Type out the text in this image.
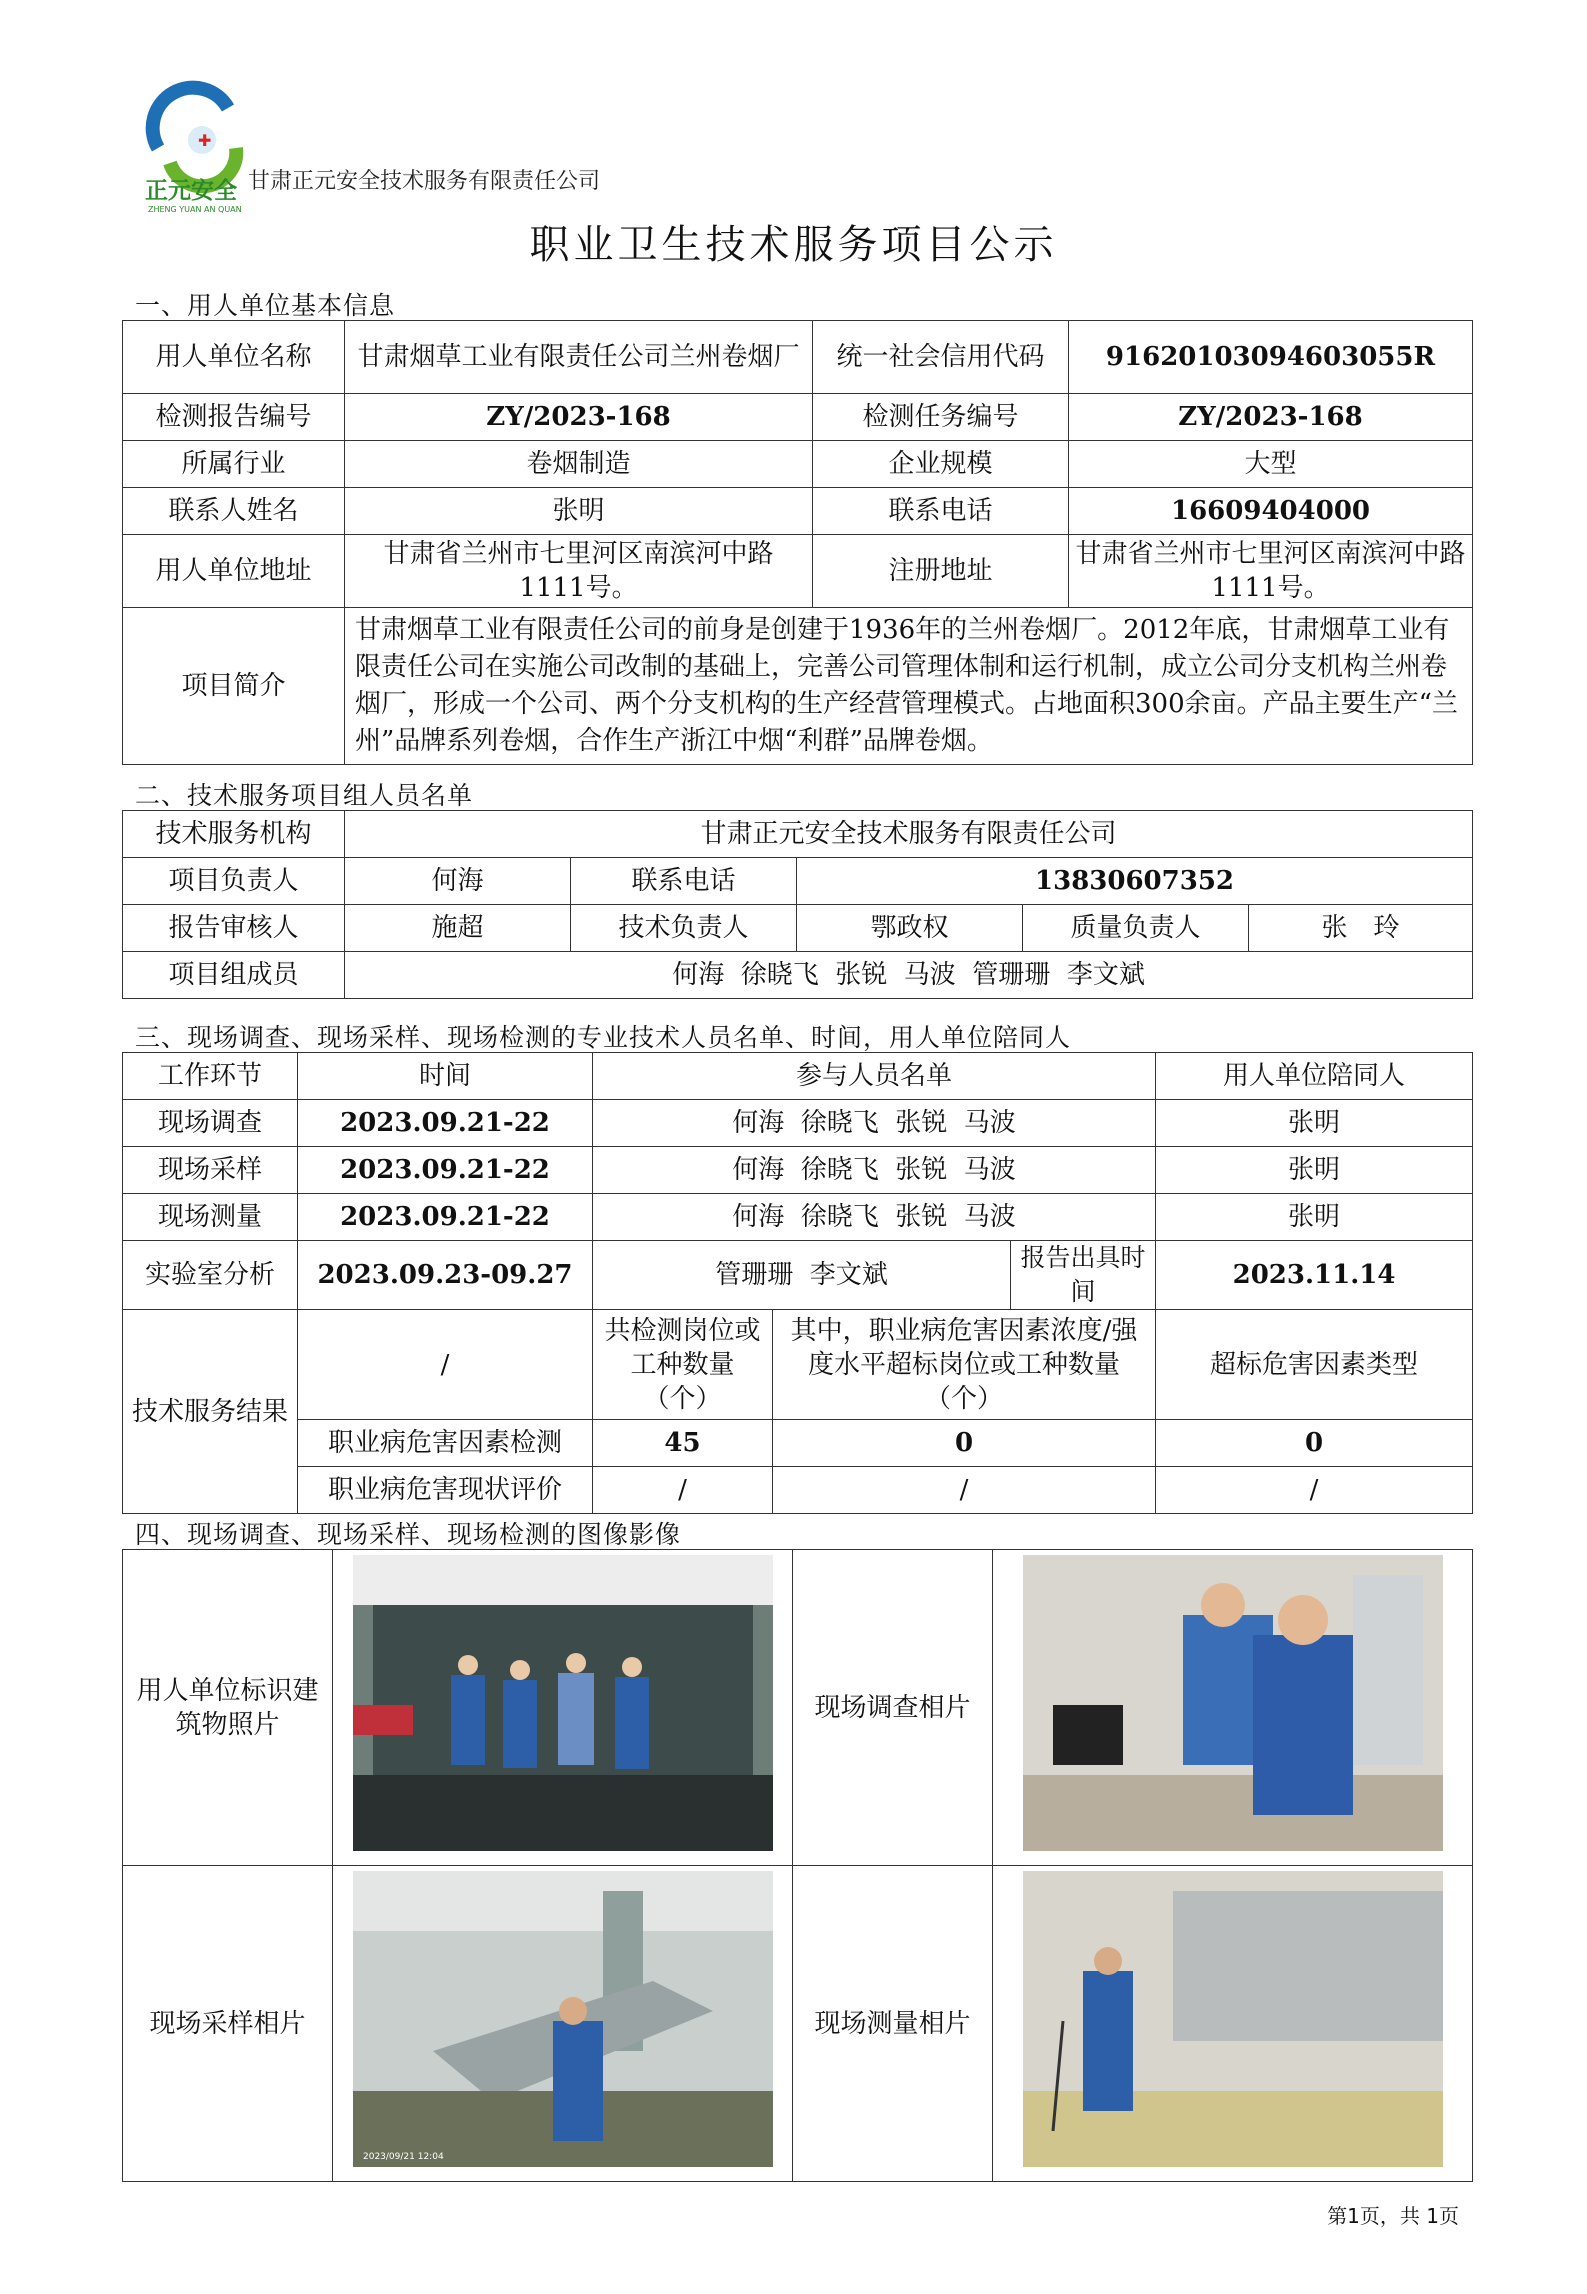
✚
正元安全
ZHENG YUAN AN QUAN
甘肃正元安全技术服务有限责任公司
职业卫生技术服务项目公示
一、用人单位基本信息
用人单位名称	甘肃烟草工业有限责任公司兰州卷烟厂	统一社会信用代码	91620103094603055R
检测报告编号	ZY/2023-168	检测任务编号	ZY/2023-168
所属行业	卷烟制造	企业规模	大型
联系人姓名	张明	联系电话	16609404000
用人单位地址	甘肃省兰州市七里河区南滨河中路1111号。	注册地址	甘肃省兰州市七里河区南滨河中路1111号。
项目简介	甘肃烟草工业有限责任公司的前身是创建于1936年的兰州卷烟厂。2012年底，甘肃烟草工业有限责任公司在实施公司改制的基础上，完善公司管理体制和运行机制，成立公司分支机构兰州卷烟厂，形成一个公司、两个分支机构的生产经营管理模式。占地面积300余亩。产品主要生产“兰州”品牌系列卷烟，合作生产浙江中烟“利群”品牌卷烟。		
二、技术服务项目组人员名单
技术服务机构	甘肃正元安全技术服务有限责任公司				
项目负责人	何海	联系电话	13830607352		
报告审核人	施超	技术负责人	鄂政权	质量负责人	张　玲
项目组成员	何海  徐晓飞  张锐  马波  管珊珊  李文斌				
三、现场调查、现场采样、现场检测的专业技术人员名单、时间，用人单位陪同人
工作环节	时间	参与人员名单			用人单位陪同人
现场调查	2023.09.21-22	何海  徐晓飞  张锐  马波			张明
现场采样	2023.09.21-22	何海  徐晓飞  张锐  马波			张明
现场测量	2023.09.21-22	何海  徐晓飞  张锐  马波			张明
实验室分析	2023.09.23-09.27	管珊珊  李文斌		报告出具时间	2023.11.14
技术服务结果	/	共检测岗位或工种数量（个）	其中，职业病危害因素浓度/强度水平超标岗位或工种数量（个）		超标危害因素类型
	职业病危害因素检测	45	0		0
	职业病危害现状评价	/	/		/
四、现场调查、现场采样、现场检测的图像影像
用人单位标识建筑物照片		现场调查相片	
现场采样相片	2023/09/21 12:04	现场测量相片	
第1页，共 1页
